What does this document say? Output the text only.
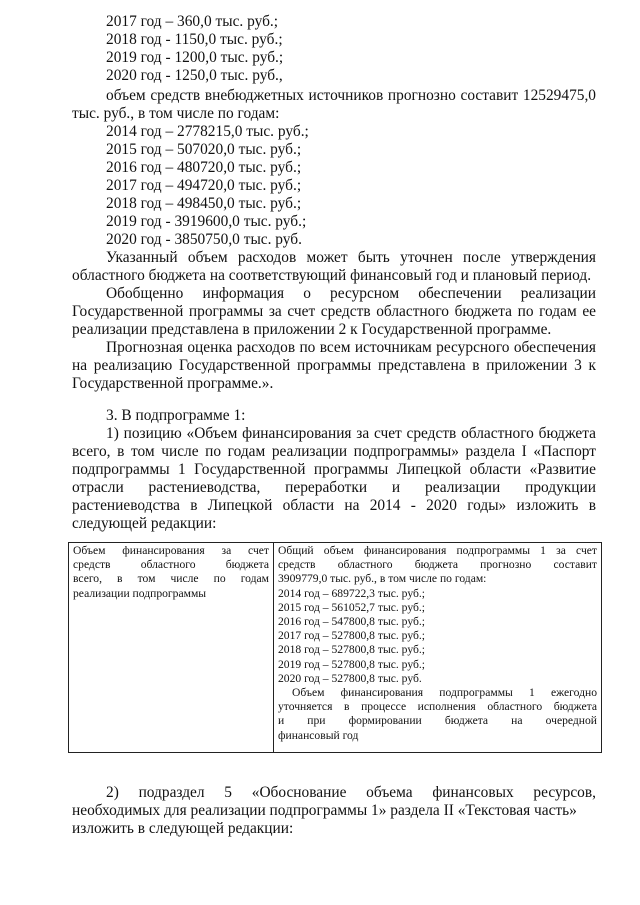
2017 год – 360,0 тыс. руб.;
2018 год - 1150,0 тыс. руб.;
2019 год - 1200,0 тыс. руб.;
2020 год - 1250,0 тыс. руб.,
объем средств внебюджетных источников прогнозно составит 12529475,0
тыс. руб., в том числе по годам:
2014 год – 2778215,0 тыс. руб.;
2015 год – 507020,0 тыс. руб.;
2016 год – 480720,0 тыс. руб.;
2017 год – 494720,0 тыс. руб.;
2018 год – 498450,0 тыс. руб.;
2019 год - 3919600,0 тыс. руб.;
2020 год - 3850750,0 тыс. руб.
Указанный объем расходов может быть уточнен после утверждения
областного бюджета на соответствующий финансовый год и плановый период.
Обобщенно информация о ресурсном обеспечении реализации
Государственной программы за счет средств областного бюджета по годам ее
реализации представлена в приложении 2 к Государственной программе.
Прогнозная оценка расходов по всем источникам ресурсного обеспечения
на реализацию Государственной программы представлена в приложении 3 к
Государственной программе.».
3. В подпрограмме 1:
1) позицию «Объем финансирования за счет средств областного бюджета
всего, в том числе по годам реализации подпрограммы» раздела I «Паспорт
подпрограммы 1 Государственной программы Липецкой области «Развитие
отрасли растениеводства, переработки и реализации продукции
растениеводства в Липецкой области на 2014 - 2020 годы» изложить в
следующей редакции:
Объем финансирования за счет
средств областного бюджета
всего, в том числе по годам
реализации подпрограммы

Общий объем финансирования подпрограммы 1 за счет
средств областного бюджета прогнозно составит
3909779,0 тыс. руб., в том числе по годам:
2014 год – 689722,3 тыс. руб.;
2015 год – 561052,7 тыс. руб.;
2016 год – 547800,8 тыс. руб.;
2017 год – 527800,8 тыс. руб.;
2018 год – 527800,8 тыс. руб.;
2019 год – 527800,8 тыс. руб.;
2020 год – 527800,8 тыс. руб.
Объем финансирования подпрограммы 1 ежегодно
уточняется в процессе исполнения областного бюджета
и при формировании бюджета на очередной
финансовый год
2) подраздел 5 «Обоснование объема финансовых ресурсов,
необходимых для реализации подпрограммы 1» раздела II «Текстовая часть»
изложить в следующей редакции:
